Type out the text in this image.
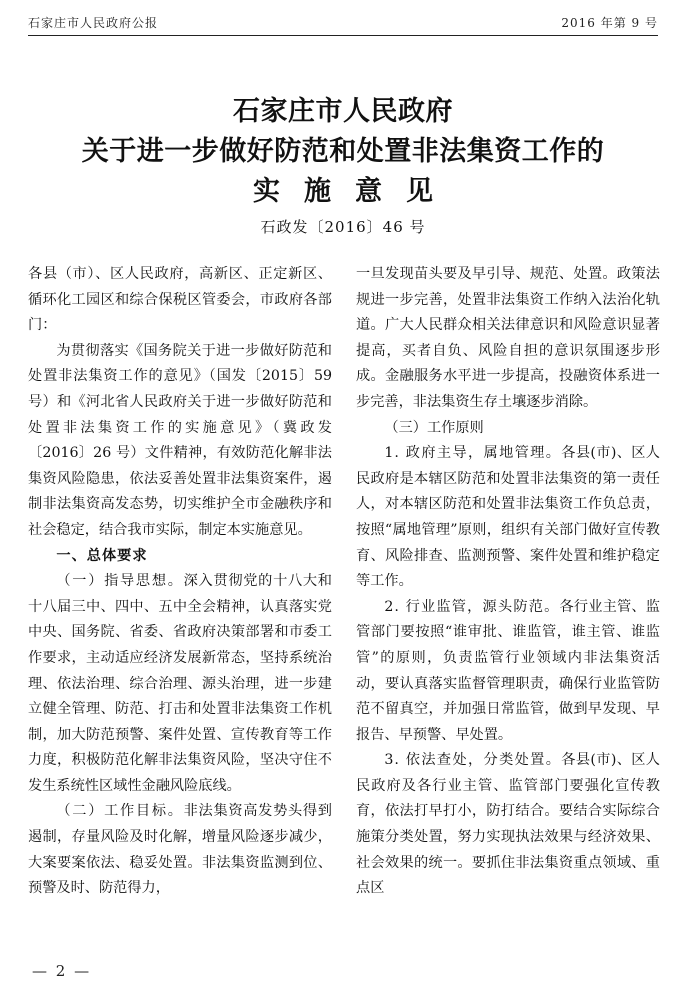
石家庄市人民政府公报	2016 年第 9 号
石家庄市人民政府
关于进一步做好防范和处置非法集资工作的
实施意见
石政发〔2016〕46 号

各县（市）、区人民政府，高新区、正定新区、循环化工园区和综合保税区管委会，市政府各部门：

为贯彻落实《国务院关于进一步做好防范和处置非法集资工作的意见》（国发〔2015〕59 号）和《河北省人民政府关于进一步做好防范和处置非法集资工作的实施意见》（冀政发〔2016〕26 号）文件精神，有效防范化解非法集资风险隐患，依法妥善处置非法集资案件，遏制非法集资高发态势，切实维护全市金融秩序和社会稳定，结合我市实际，制定本实施意见。

一、总体要求

（一）指导思想。深入贯彻党的十八大和十八届三中、四中、五中全会精神，认真落实党中央、国务院、省委、省政府决策部署和市委工作要求，主动适应经济发展新常态，坚持系统治理、依法治理、综合治理、源头治理，进一步建立健全管理、防范、打击和处置非法集资工作机制，加大防范预警、案件处置、宣传教育等工作力度，积极防范化解非法集资风险，坚决守住不发生系统性区域性金融风险底线。

（二）工作目标。非法集资高发势头得到遏制，存量风险及时化解，增量风险逐步减少，大案要案依法、稳妥处置。非法集资监测到位、预警及时、防范得力，

一旦发现苗头要及早引导、规范、处置。政策法规进一步完善，处置非法集资工作纳入法治化轨道。广大人民群众相关法律意识和风险意识显著提高，买者自负、风险自担的意识氛围逐步形成。金融服务水平进一步提高，投融资体系进一步完善，非法集资生存土壤逐步消除。

（三）工作原则

1. 政府主导，属地管理。各县(市)、区人民政府是本辖区防范和处置非法集资的第一责任人，对本辖区防范和处置非法集资工作负总责，按照“属地管理”原则，组织有关部门做好宣传教育、风险排查、监测预警、案件处置和维护稳定等工作。

2. 行业监管，源头防范。各行业主管、监管部门要按照“谁审批、谁监管，谁主管、谁监管”的原则，负责监管行业领域内非法集资活动，要认真落实监督管理职责，确保行业监管防范不留真空，并加强日常监管，做到早发现、早报告、早预警、早处置。

3. 依法查处，分类处置。各县(市)、区人民政府及各行业主管、监管部门要强化宣传教育，依法打早打小，防打结合。要结合实际综合施策分类处置，努力实现执法效果与经济效果、社会效果的统一。要抓住非法集资重点领域、重点区

— 2 —
